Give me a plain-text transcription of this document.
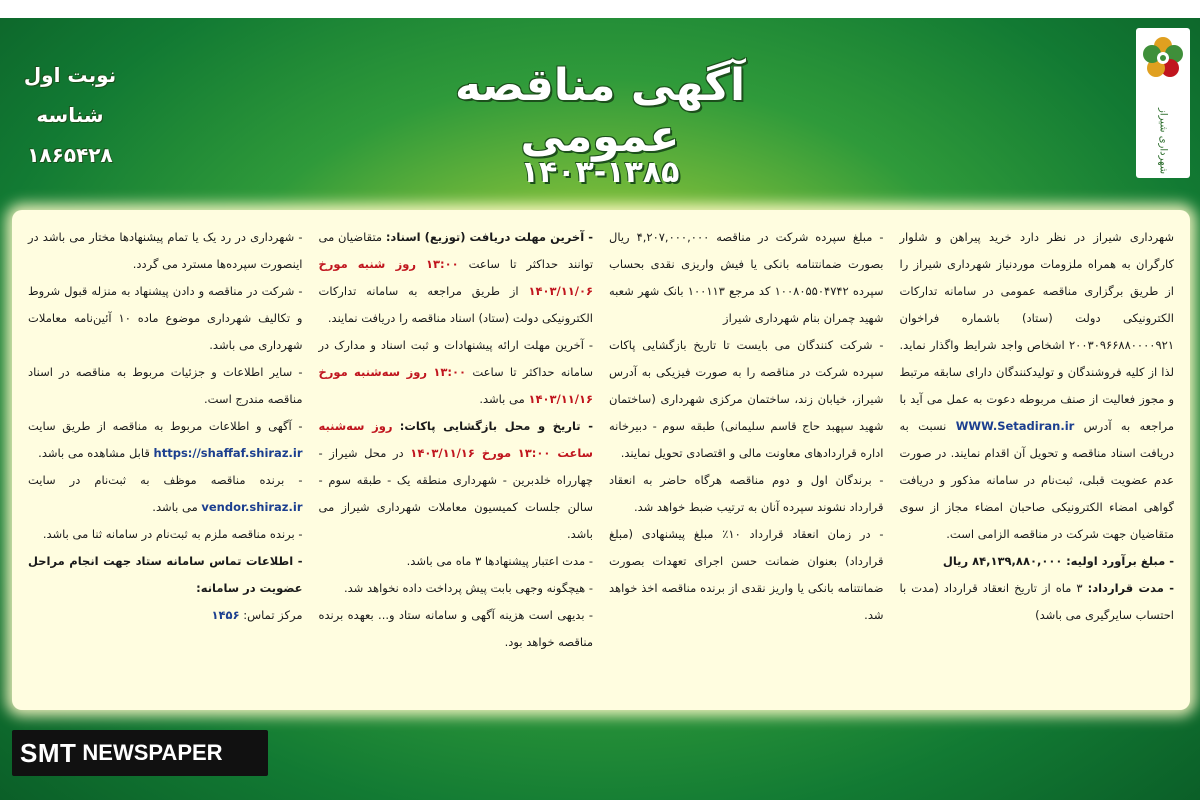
شهرداری شیراز
آگهی مناقصه عمومی
۱۴۰۳-۱۳۸۵
نوبت اول
شناسه ۱۸۶۵۴۲۸

شهرداری شیراز در نظر دارد خرید پیراهن و شلوار کارگران به همراه ملزومات موردنیاز شهرداری شیراز را از طریق برگزاری مناقصه عمومی در سامانه تدارکات الکترونیکی دولت (ستاد) باشماره فراخوان ۲۰۰۳۰۹۶۶۸۸۰۰۰۰۹۲۱ اشخاص واجد شرایط واگذار نماید. لذا از کلیه فروشندگان و تولیدکنندگان دارای سابقه مرتبط و مجوز فعالیت از صنف مربوطه دعوت به عمل می آید با مراجعه به آدرس WWW.Setadiran.ir نسبت به دریافت اسناد مناقصه و تحویل آن اقدام نمایند. در صورت عدم عضویت قبلی، ثبت‌نام در سامانه مذکور و دریافت گواهی امضاء الکترونیکی صاحبان امضاء مجاز از سوی متقاضیان جهت شرکت در مناقصه الزامی است.

- مبلغ برآورد اولیه: ۸۴,۱۳۹,۸۸۰,۰۰۰ ریال

- مدت قرارداد: ۳ ماه از تاریخ انعقاد قرارداد (مدت با احتساب سایرگیری می باشد)

- مبلغ سپرده شرکت در مناقصه ۴,۲۰۷,۰۰۰,۰۰۰ ریال بصورت ضمانتنامه بانکی یا فیش واریزی نقدی بحساب سپرده ۱۰۰۸۰۵۵۰۴۷۴۲ کد مرجع ۱۰۰۱۱۳ بانک شهر شعبه شهید چمران بنام شهرداری شیراز

- شرکت کنندگان می بایست تا تاریخ بازگشایی پاکات سپرده شرکت در مناقصه را به صورت فیزیکی به آدرس شیراز، خیابان زند، ساختمان مرکزی شهرداری (ساختمان شهید سپهبد حاج قاسم سلیمانی) طبقه سوم - دبیرخانه اداره قراردادهای معاونت مالی و اقتصادی تحویل نمایند.

- برندگان اول و دوم مناقصه هرگاه حاضر به انعقاد قرارداد نشوند سپرده آنان به ترتیب ضبط خواهد شد.

- در زمان انعقاد قرارداد ۱۰٪ مبلغ پیشنهادی (مبلغ قرارداد) بعنوان ضمانت حسن اجرای تعهدات بصورت ضمانتنامه بانکی یا واریز نقدی از برنده مناقصه اخذ خواهد شد.

- آخرین مهلت دریافت (توزیع) اسناد: متقاضیان می توانند حداکثر تا ساعت ۱۳:۰۰ روز شنبه مورخ ۱۴۰۳/۱۱/۰۶ از طریق مراجعه به سامانه تدارکات الکترونیکی دولت (ستاد) اسناد مناقصه را دریافت نمایند.

- آخرین مهلت ارائه پیشنهادات و ثبت اسناد و مدارک در سامانه حداکثر تا ساعت ۱۳:۰۰ روز سه‌شنبه مورخ ۱۴۰۳/۱۱/۱۶ می باشد.

- تاریخ و محل بازگشایی پاکات: روز سه‌شنبه ساعت ۱۳:۰۰ مورخ ۱۴۰۳/۱۱/۱۶ در محل شیراز - چهارراه خلدبرین - شهرداری منطقه یک - طبقه سوم - سالن جلسات کمیسیون معاملات شهرداری شیراز می باشد.

- مدت اعتبار پیشنهادها ۳ ماه می باشد.

- هیچگونه وجهی بابت پیش پرداخت داده نخواهد شد.

- بدیهی است هزینه آگهی و سامانه ستاد و... بعهده برنده مناقصه خواهد بود.

- شهرداری در رد یک یا تمام پیشنهادها مختار می باشد در اینصورت سپرده‌ها مسترد می گردد.

- شرکت در مناقصه و دادن پیشنهاد به منزله قبول شروط و تکالیف شهرداری موضوع ماده ۱۰ آئین‌نامه معاملات شهرداری می باشد.

- سایر اطلاعات و جزئیات مربوط به مناقصه در اسناد مناقصه مندرج است.

- آگهی و اطلاعات مربوط به مناقصه از طریق سایت https://shaffaf.shiraz.ir قابل مشاهده می باشد.

- برنده مناقصه موظف به ثبت‌نام در سایت vendor.shiraz.ir می باشد.

- برنده مناقصه ملزم به ثبت‌نام در سامانه ثنا می باشد.

- اطلاعات تماس سامانه ستاد جهت انجام مراحل عضویت در سامانه:

مرکز تماس: ۱۴۵۶

SMT NEWSPAPER
